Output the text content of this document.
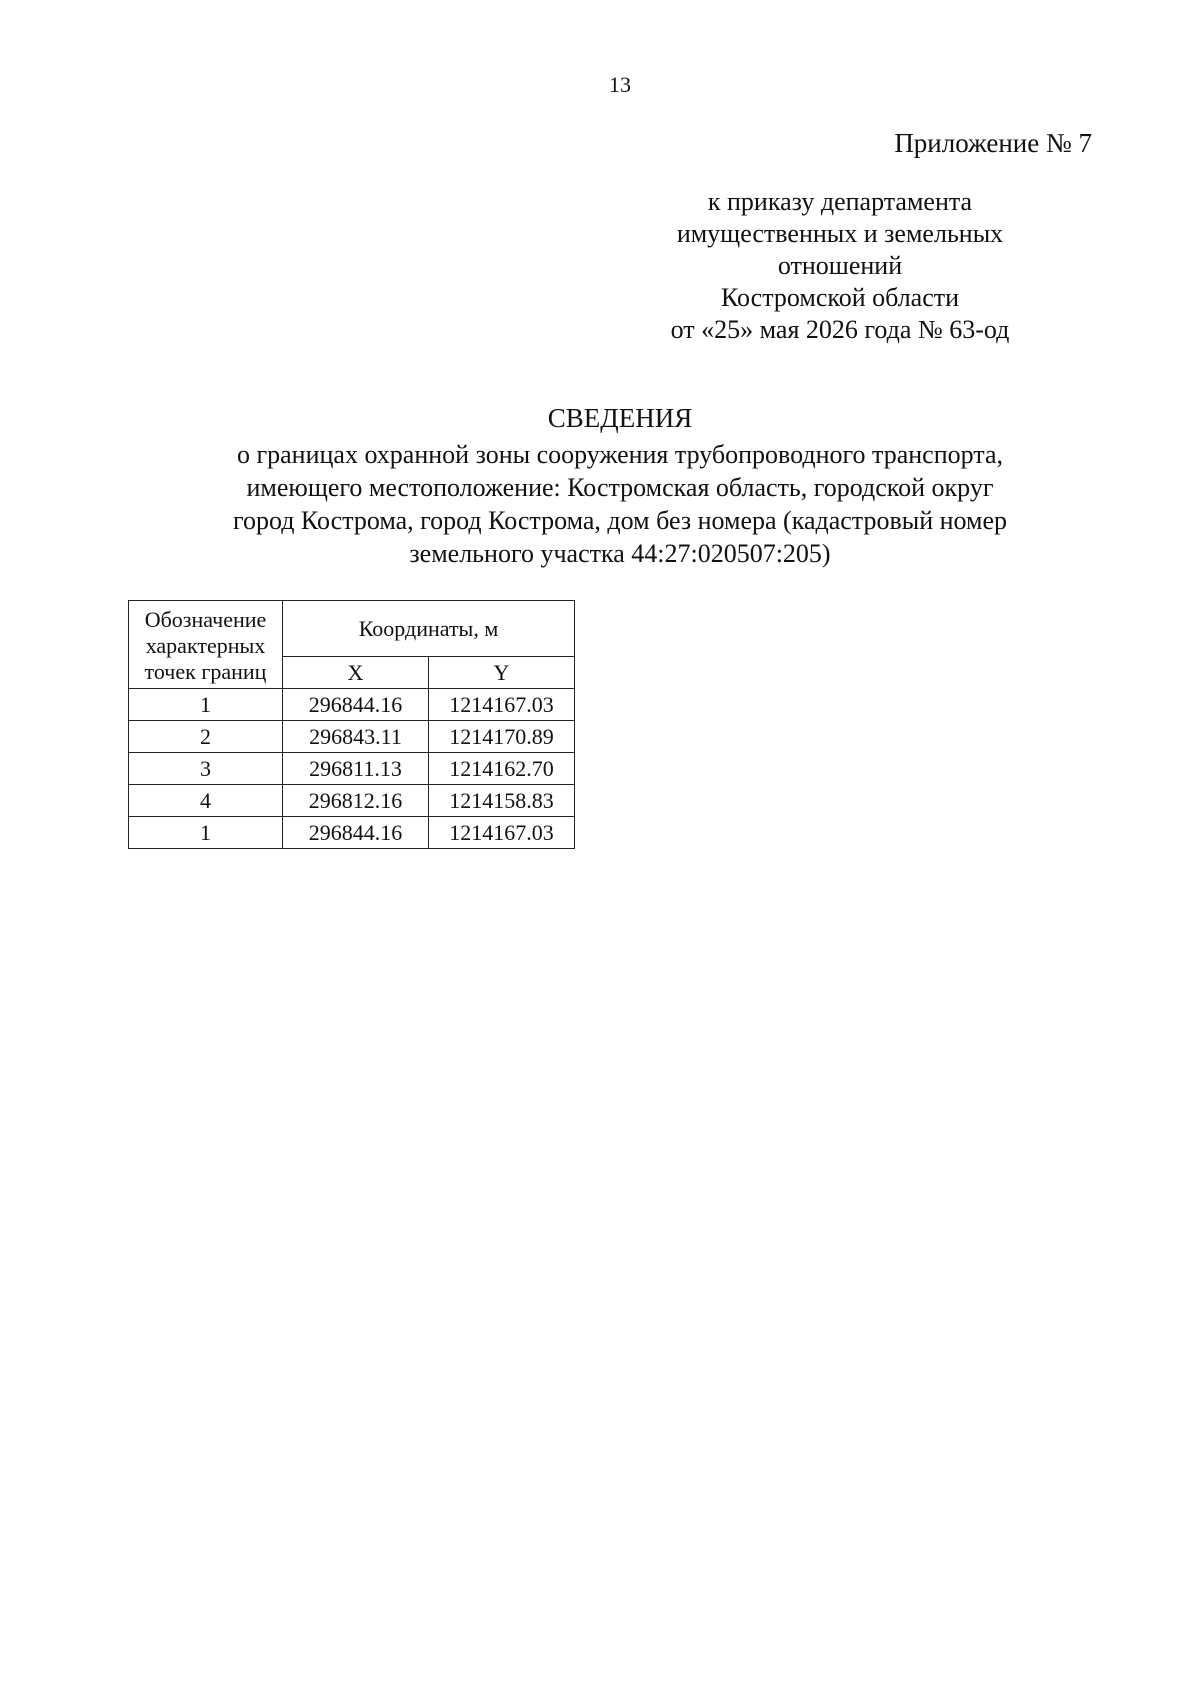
13
Приложение № 7
к приказу департамента
имущественных и земельных
отношений
Костромской области
от «25» мая 2026 года № 63-од
СВЕДЕНИЯ
о границах охранной зоны сооружения трубопроводного транспорта,
имеющего местоположение: Костромская область, городской округ
город Кострома, город Кострома, дом без номера (кадастровый номер
земельного участка 44:27:020507:205)
Обозначение характерных точек границ	Координаты, м	
	X	Y
1	296844.16	1214167.03
2	296843.11	1214170.89
3	296811.13	1214162.70
4	296812.16	1214158.83
1	296844.16	1214167.03
